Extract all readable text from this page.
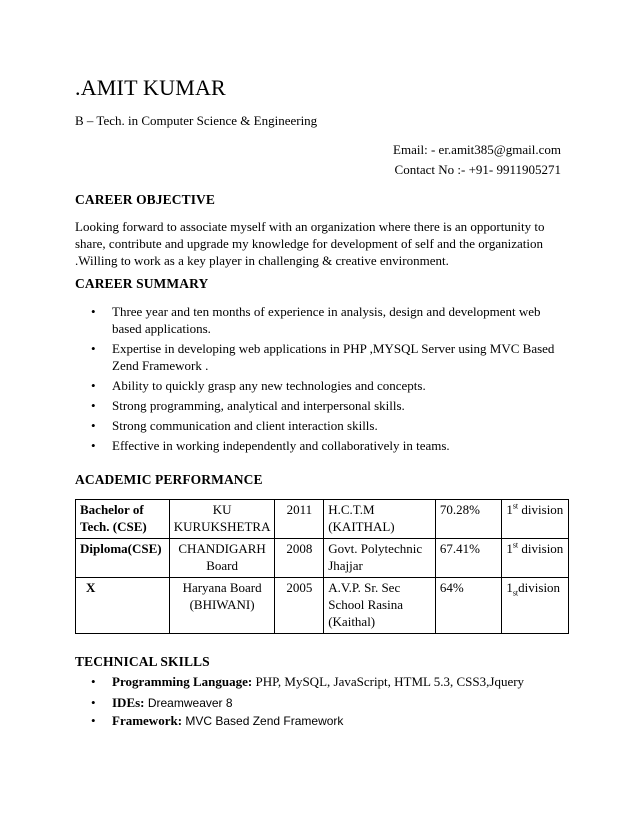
.AMIT KUMAR
B – Tech. in Computer Science & Engineering
Email: - er.amit385@gmail.com
Contact No :- +91- 9911905271
CAREER OBJECTIVE
Looking forward to associate myself with an organization where there is an opportunity to share, contribute and upgrade my knowledge for development of self and the organization .Willing to work as a key player in challenging & creative environment.
CAREER SUMMARY
• Three year and ten months of experience in analysis, design and development web based applications.
• Expertise in developing web applications in PHP ,MYSQL Server using MVC Based Zend Framework .
• Ability to quickly grasp any new technologies and concepts.
• Strong programming, analytical and interpersonal skills.
• Strong communication and client interaction skills.
• Effective in working independently and collaboratively in teams.
ACADEMIC PERFORMANCE
Bachelor of Tech. (CSE)	KU KURUKSHETRA	2011	H.C.T.M (KAITHAL)	70.28%	1st division
Diploma(CSE)	CHANDIGARH Board	2008	Govt. Polytechnic Jhajjar	67.41%	1st division
X	Haryana Board (BHIWANI)	2005	A.V.P. Sr. Sec School Rasina (Kaithal)	64%	$1_{st}division$
TECHNICAL SKILLS
• Programming Language: PHP, MySQL, JavaScript, HTML 5.3, CSS3,Jquery
• IDEs: Dreamweaver 8
• Framework: MVC Based Zend Framework
